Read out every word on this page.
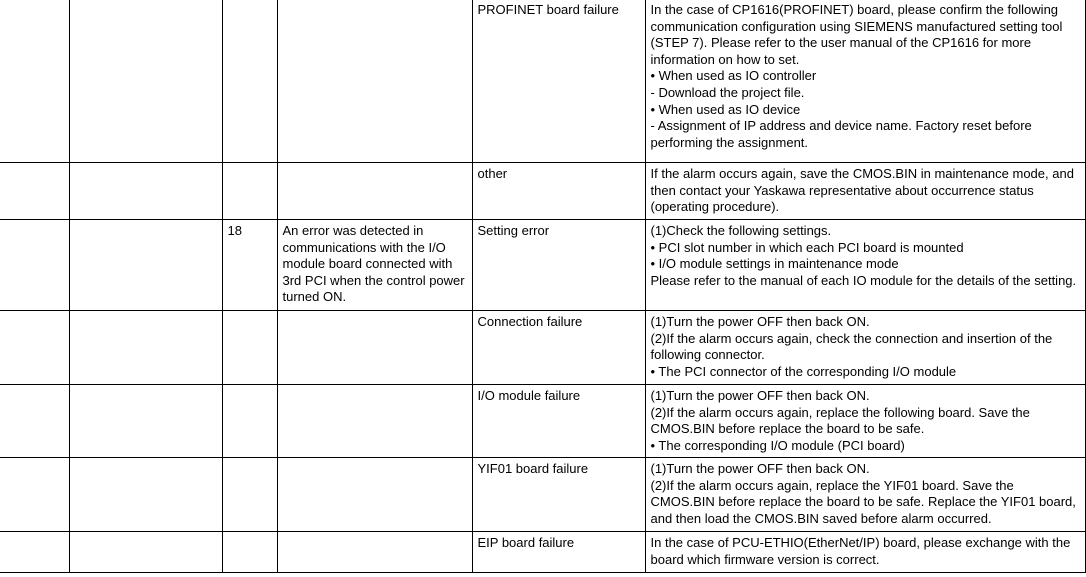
				PROFINET board failure	In the case of CP1616(PROFINET) board, please confirm the following communication configuration using SIEMENS manufactured setting tool (STEP 7). Please refer to the user manual of the CP1616 for more information on how to set.
• When used as IO controller
- Download the project file.
• When used as IO device
- Assignment of IP address and device name. Factory reset before performing the assignment.

				other	If the alarm occurs again, save the CMOS.BIN in maintenance mode, and then contact your Yaskawa representative about occurrence status (operating procedure).

		18	An error was detected in communications with the I/O module board connected with 3rd PCI when the control power turned ON.	Setting error	(1)Check the following settings.
• PCI slot number in which each PCI board is mounted
• I/O module settings in maintenance mode
Please refer to the manual of each IO module for the details of the setting.

				Connection failure	(1)Turn the power OFF then back ON.
(2)If the alarm occurs again, check the connection and insertion of the following connector.
• The PCI connector of the corresponding I/O module

				I/O module failure	(1)Turn the power OFF then back ON.
(2)If the alarm occurs again, replace the following board. Save the CMOS.BIN before replace the board to be safe.
• The corresponding I/O module (PCI board)

				YIF01 board failure	(1)Turn the power OFF then back ON.
(2)If the alarm occurs again, replace the YIF01 board. Save the CMOS.BIN before replace the board to be safe. Replace the YIF01 board, and then load the CMOS.BIN saved before alarm occurred.

				EIP board failure	In the case of PCU-ETHIO(EtherNet/IP) board, please exchange with the board which firmware version is correct.
